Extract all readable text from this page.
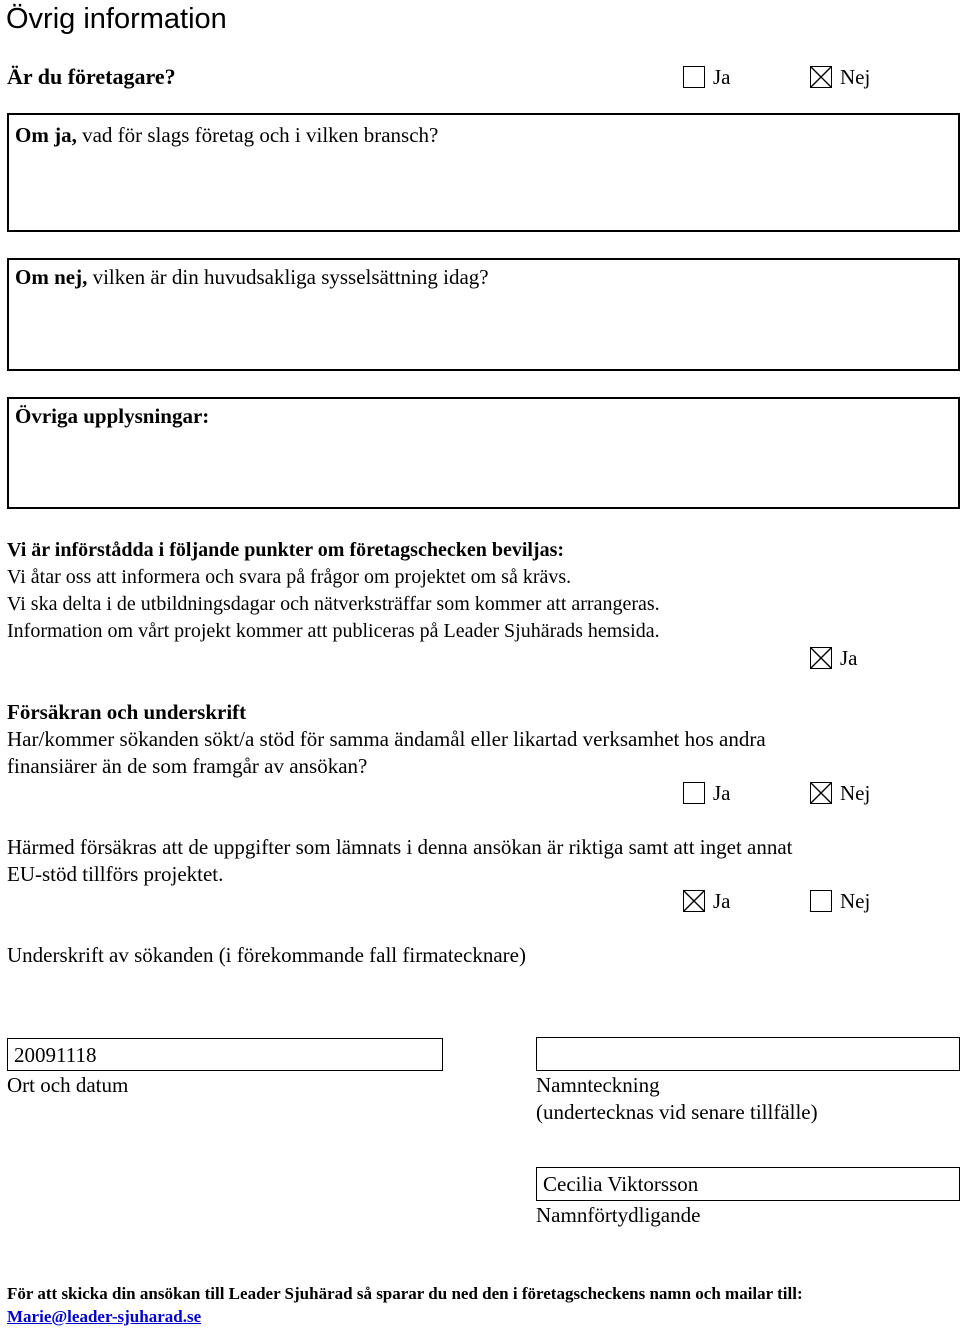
Övrig information
Är du företagare?	Ja	Nej
Om ja, vad för slags företag och i vilken bransch?
Om nej, vilken är din huvudsakliga sysselsättning idag?
Övriga upplysningar:
Vi är införstådda i följande punkter om företagschecken beviljas:
Vi åtar oss att informera och svara på frågor om projektet om så krävs.
Vi ska delta i de utbildningsdagar och nätverksträffar som kommer att arrangeras.
Information om vårt projekt kommer att publiceras på Leader Sjuhärads hemsida.
Ja
Försäkran och underskrift
Har/kommer sökanden sökt/a stöd för samma ändamål eller likartad verksamhet hos andra
finansiärer än de som framgår av ansökan?
Ja	Nej
Härmed försäkras att de uppgifter som lämnats i denna ansökan är riktiga samt att inget annat
EU-stöd tillförs projektet.
Ja	Nej
Underskrift av sökanden (i förekommande fall firmatecknare)
20091118
Ort och datum	Namnteckning
(undertecknas vid senare tillfälle)
Cecilia Viktorsson
Namnförtydligande
För att skicka din ansökan till Leader Sjuhärad så sparar du ned den i företagscheckens namn och mailar till:
Marie@leader-sjuharad.se
